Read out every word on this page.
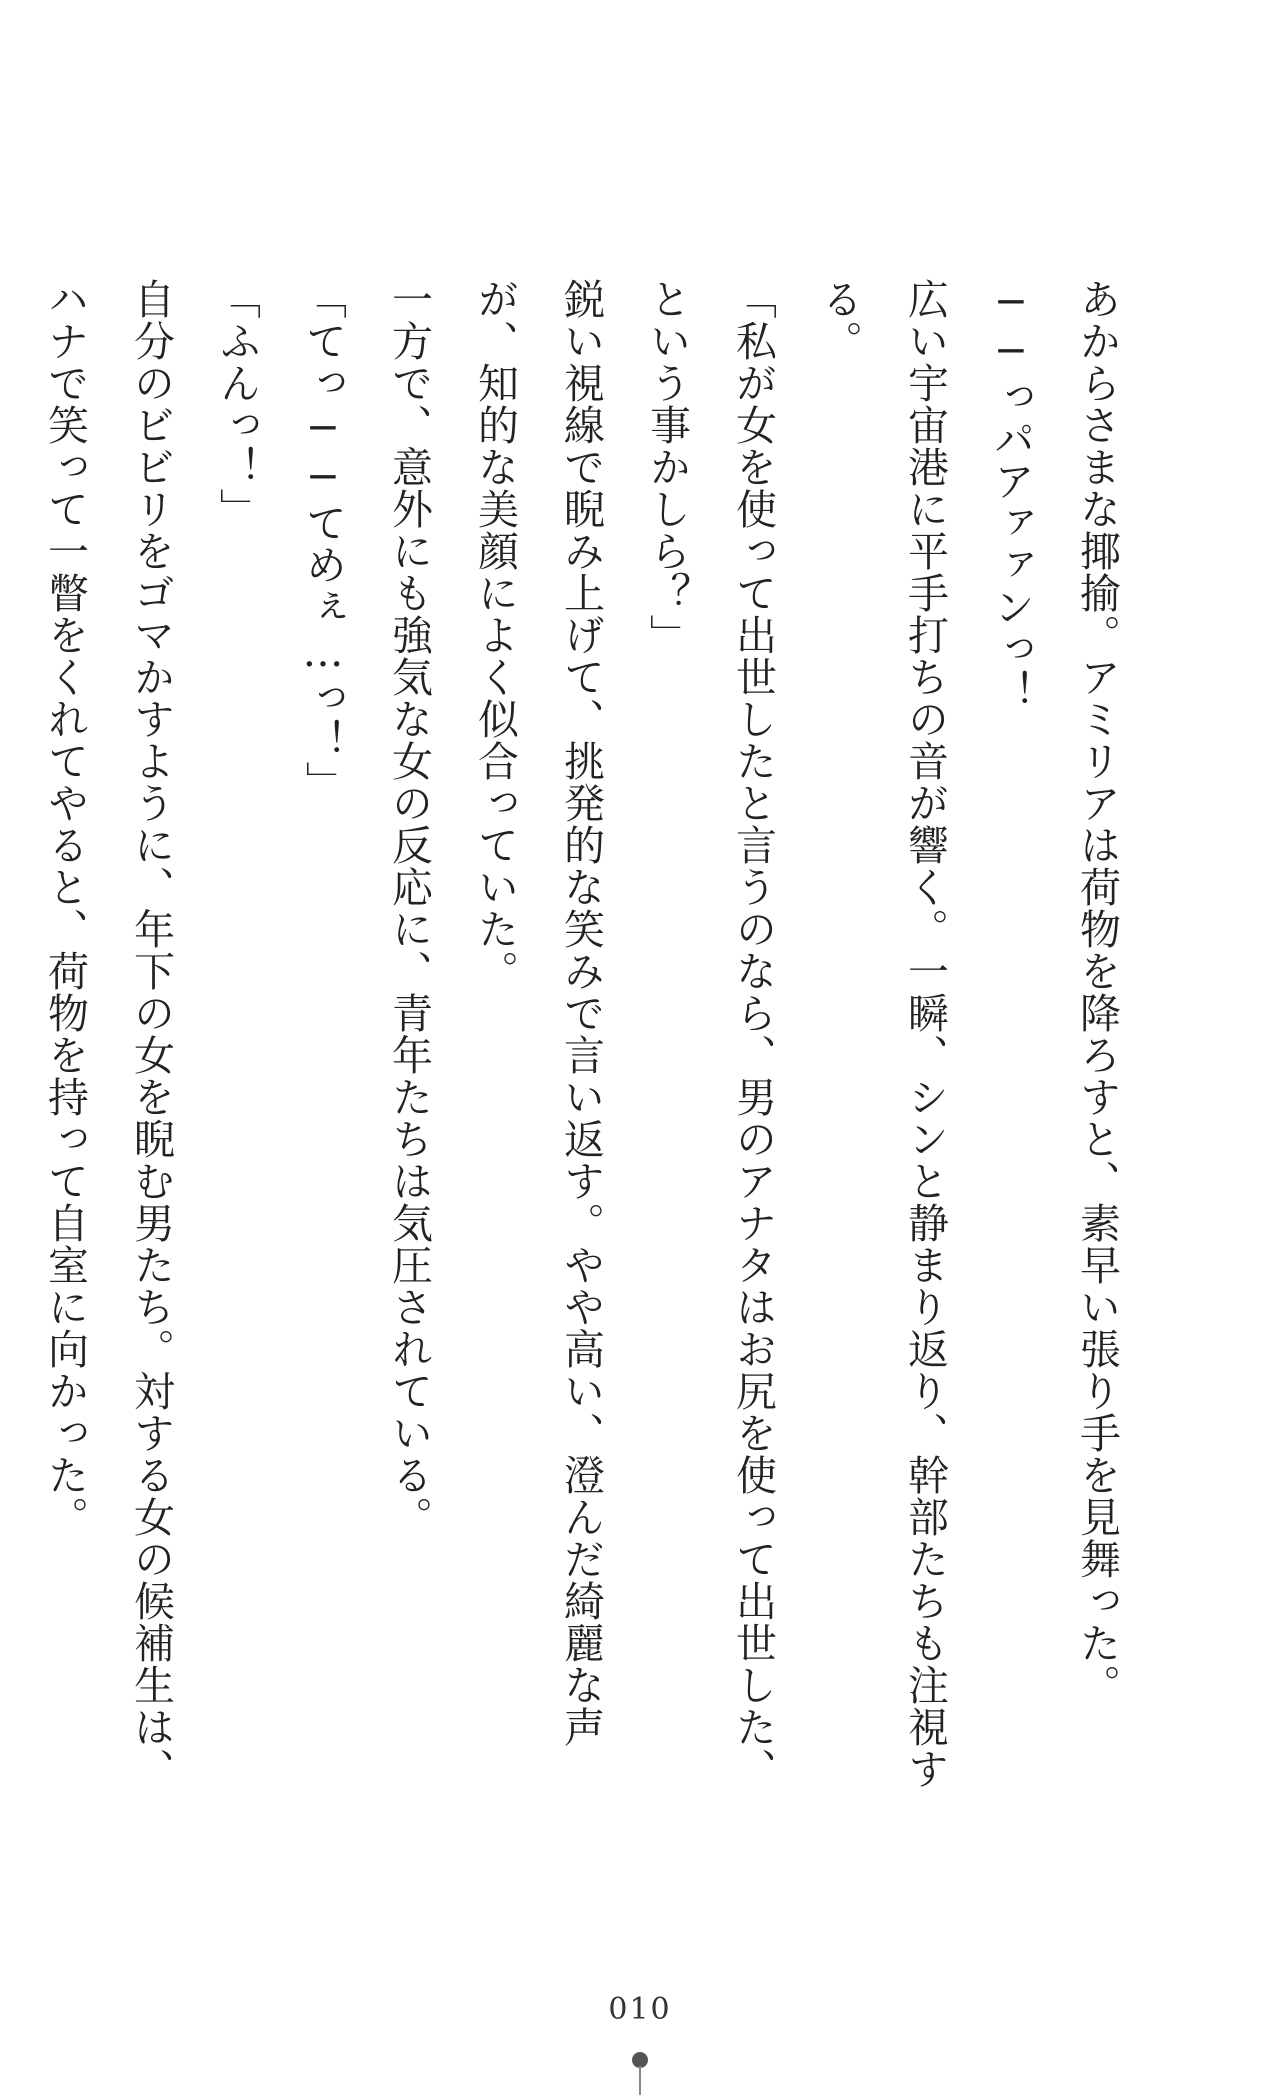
あからさまな揶揄。アミリアは荷物を降ろすと、素早い張り手を見舞った。

──っパアァァンっ！

広い宇宙港に平手打ちの音が響く。一瞬、シンと静まり返り、幹部たちも注視する。

「私が女を使って出世したと言うのなら、男のアナタはお尻を使って出世した、という事かしら？」

鋭い視線で睨み上げて、挑発的な笑みで言い返す。やや高い、澄んだ綺麗な声が、知的な美顔によく似合っていた。

一方で、意外にも強気な女の反応に、青年たちは気圧されている。

「てっ──てめぇ…っ！」

「ふんっ！」

自分のビビリをゴマかすように、年下の女を睨む男たち。対する女の候補生は、ハナで笑って一瞥をくれてやると、荷物を持って自室に向かった。

010
